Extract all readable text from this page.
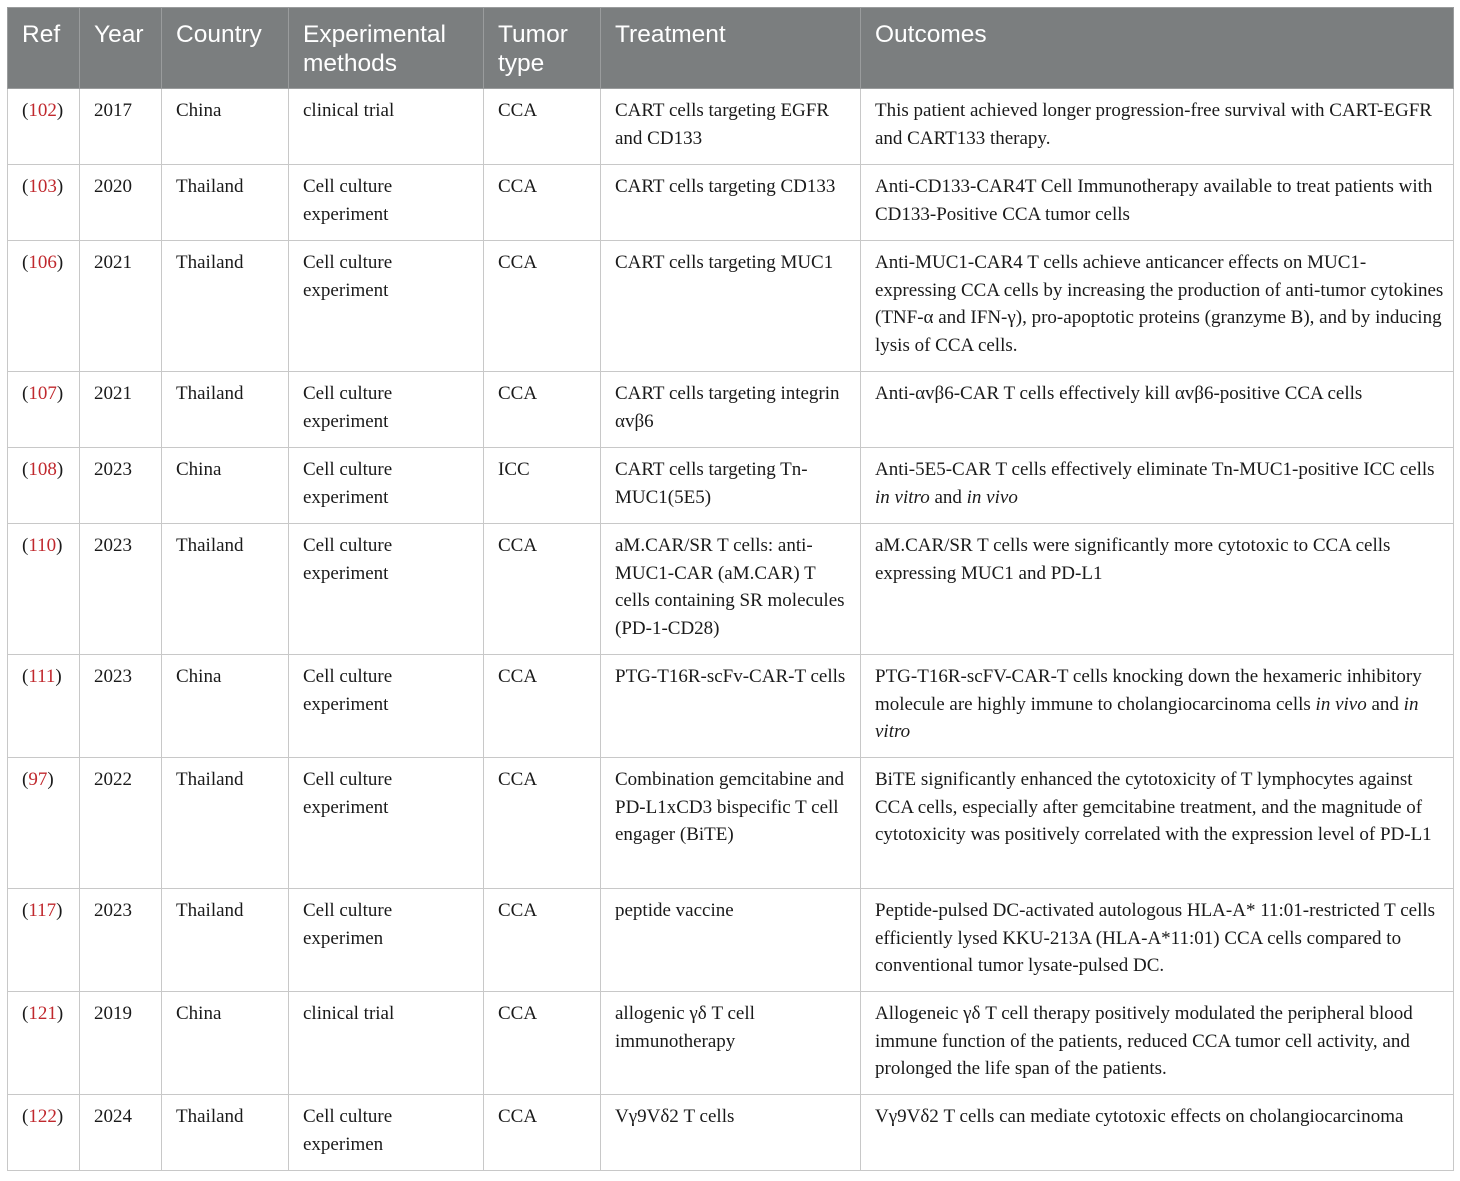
Ref	Year	Country	Experimental methods	Tumor type	Treatment	Outcomes
(102)	2017	China	clinical trial	CCA	CART cells targeting EGFR and CD133	This patient achieved longer progression-free survival with CART-EGFR and CART133 therapy.
(103)	2020	Thailand	Cell culture experiment	CCA	CART cells targeting CD133	Anti-CD133-CAR4T Cell Immunotherapy available to treat patients with CD133-Positive CCA tumor cells
(106)	2021	Thailand	Cell culture experiment	CCA	CART cells targeting MUC1	Anti-MUC1-CAR4 T cells achieve anticancer effects on MUC1-expressing CCA cells by increasing the production of anti-tumor cytokines (TNF-α and IFN-γ), pro-apoptotic proteins (granzyme B), and by inducing lysis of CCA cells.
(107)	2021	Thailand	Cell culture experiment	CCA	CART cells targeting integrin αvβ6	Anti-αvβ6-CAR T cells effectively kill αvβ6-positive CCA cells
(108)	2023	China	Cell culture experiment	ICC	CART cells targeting Tn-MUC1(5E5)	Anti-5E5-CAR T cells effectively eliminate Tn-MUC1-positive ICC cells in vitro and in vivo
(110)	2023	Thailand	Cell culture experiment	CCA	aM.CAR/SR T cells: anti-MUC1-CAR (aM.CAR) T cells containing SR molecules (PD-1-CD28)	aM.CAR/SR T cells were significantly more cytotoxic to CCA cells expressing MUC1 and PD-L1
(111)	2023	China	Cell culture experiment	CCA	PTG-T16R-scFv-CAR-T cells	PTG-T16R-scFV-CAR-T cells knocking down the hexameric inhibitory molecule are highly immune to cholangiocarcinoma cells in vivo and in vitro
(97)	2022	Thailand	Cell culture experiment	CCA	Combination gemcitabine and PD-L1xCD3 bispecific T cell engager (BiTE)	BiTE significantly enhanced the cytotoxicity of T lymphocytes against CCA cells, especially after gemcitabine treatment, and the magnitude of cytotoxicity was positively correlated with the expression level of PD-L1
(117)	2023	Thailand	Cell culture experimen	CCA	peptide vaccine	Peptide-pulsed DC-activated autologous HLA-A* 11:01-restricted T cells efficiently lysed KKU-213A (HLA-A*11:01) CCA cells compared to conventional tumor lysate-pulsed DC.
(121)	2019	China	clinical trial	CCA	allogenic γδ T cell immunotherapy	Allogeneic γδ T cell therapy positively modulated the peripheral blood immune function of the patients, reduced CCA tumor cell activity, and prolonged the life span of the patients.
(122)	2024	Thailand	Cell culture experimen	CCA	Vγ9Vδ2 T cells	Vγ9Vδ2 T cells can mediate cytotoxic effects on cholangiocarcinoma
